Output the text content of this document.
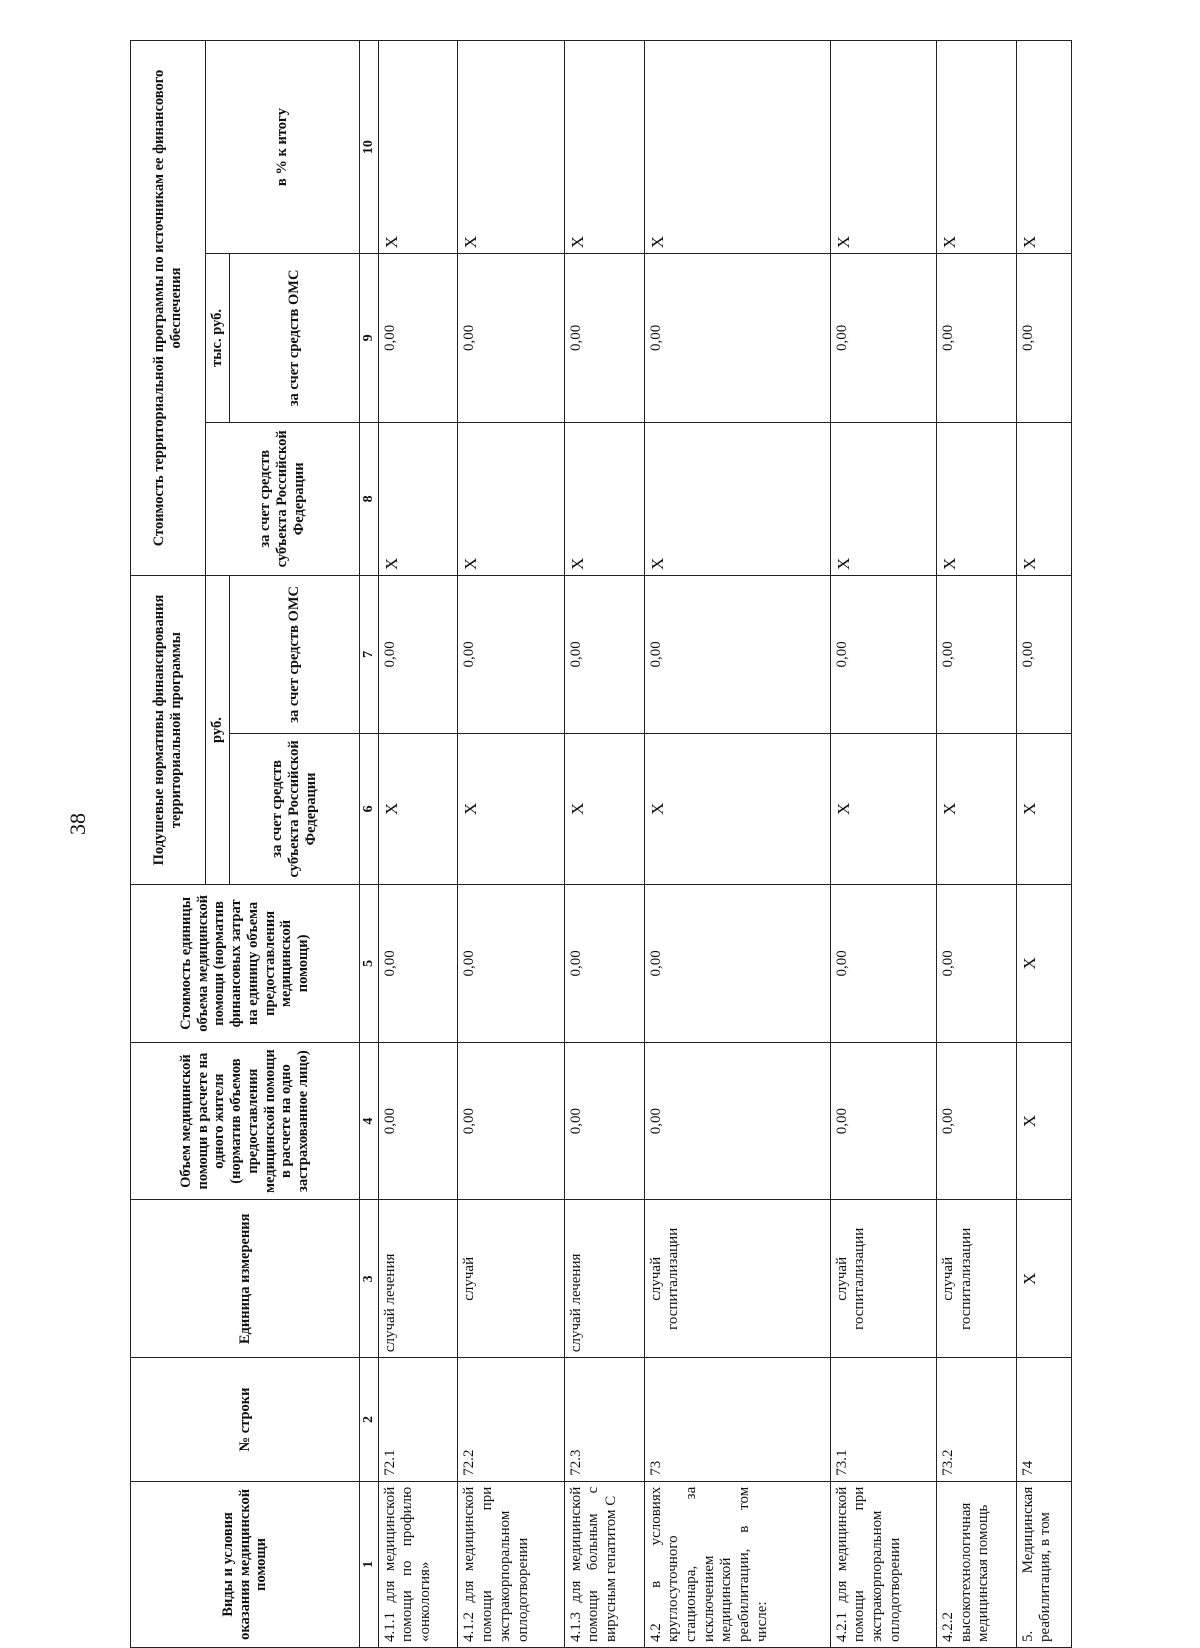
38
Виды и условия оказания медицинской помощи	№ строки	Единица измерения	Объем медицинской помощи в расчете на одного жителя (норматив объемов предоставления медицинской помощи в расчете на одно застрахованное лицо)	Стоимость единицы объема медицинской помощи (норматив финансовых затрат на единицу объема предоставления медицинской помощи)	Подушевые нормативы финансирования территориальной программы		Стоимость территориальной программы по источникам ее финансового обеспечения		
					руб.		за счет средств субъекта Российской Федерации	тыс. руб.	в % к итогу
					за счет средств субъекта Российской Федерации	за счет средств ОМС		за счет средств ОМС	
1	2	3	4	5	6	7	8	9	10
4.1.1 для медицинской помощи по профилю «онкология»	72.1	случай лечения	0,00	0,00	X	0,00	X	0,00	X
4.1.2 для медицинской помощи при экстракорпоральном оплодотворении	72.2	случай	0,00	0,00	X	0,00	X	0,00	X
4.1.3 для медицинской помощи больным с вирусным гепатитом С	72.3	случай лечения	0,00	0,00	X	0,00	X	0,00	X
4.2 в условиях круглосуточного стационара, за исключением медицинской реабилитации, в том числе:	73	случай госпитализации	0,00	0,00	X	0,00	X	0,00	X
4.2.1 для медицинской помощи при экстракорпоральном оплодотворении	73.1	случай госпитализации	0,00	0,00	X	0,00	X	0,00	X
4.2.2 высокотехнологичная медицинская помощь	73.2	случай госпитализации	0,00	0,00	X	0,00	X	0,00	X
5. Медицинская реабилитация, в том	74	X	X	X	X	0,00	X	0,00	X
